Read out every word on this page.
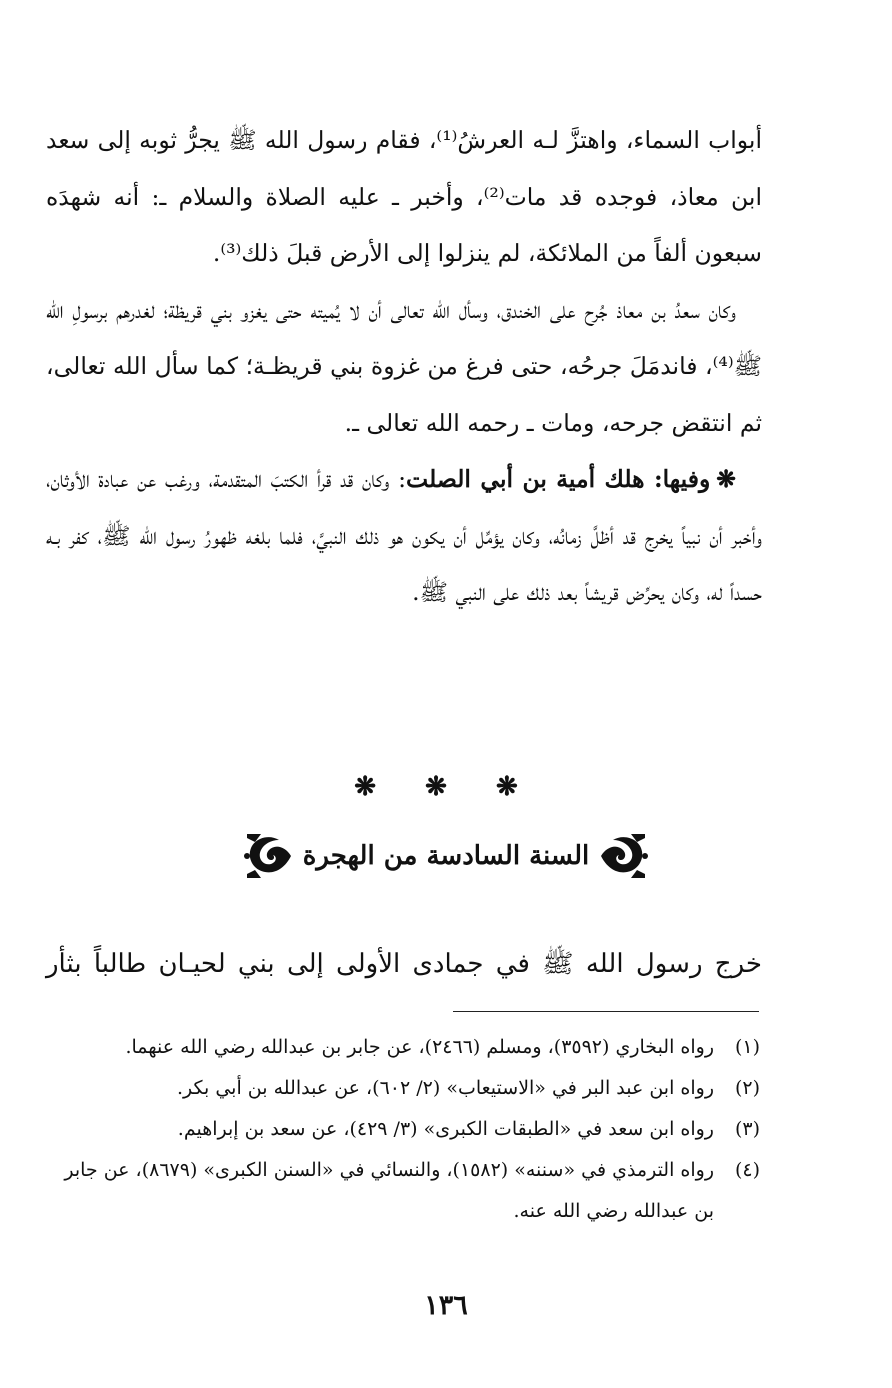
أبواب السماء، واهتزَّ لـه العرشُ⁽¹⁾، فقام رسول الله ﷺ يجرُّ ثوبه إلى سعد ابن معاذ، فوجده قد مات⁽²⁾، وأخبر ـ عليه الصلاة والسلام ـ: أنه شهدَه سبعون ألفاً من الملائكة، لم ينزلوا إلى الأرض قبلَ ذلك⁽³⁾.

وكان سعدُ بن معاذ جُرح على الخندق، وسأل الله تعالى أن لا يُميته حتى يغزو بني قريظة؛ لغدرهم برسولِ الله ﷺ⁽⁴⁾، فاندمَلَ جرحُه، حتى فرغ من غزوة بني قريظـة؛ كما سأل الله تعالى، ثم انتقض جرحه، ومات ـ رحمه الله تعالى ـ.

❋وفيها: هلك أمية بن أبي الصلت: وكان قد قرأ الكتبَ المتقدمة، ورغب عن عبادة الأوثان، وأخبر أن نبياً يخرج قد أظلَّ زمانُه، وكان يؤمِّل أن يكون هو ذلك النبيَّ، فلما بلغه ظهورُ رسول الله ﷺ، كفر بـه حسداً له، وكان يحرِّض قريشاً بعد ذلك على النبي ﷺ.

❋ ❋ ❋
السنة السادسة من الهجرة

خرج رسول الله ﷺ في جمادى الأولى إلى بني لحيـان طالباً بثأر

(١)
رواه البخاري (٣٥٩٢)، ومسلم (٢٤٦٦)، عن جابر بن عبدالله رضي الله عنهما.
(٢)
رواه ابن عبد البر في «الاستيعاب» (٢/ ٦٠٢)، عن عبدالله بن أبي بكر.
(٣)
رواه ابن سعد في «الطبقات الكبرى» (٣/ ٤٢٩)، عن سعد بن إبراهيم.
(٤)
رواه الترمذي في «سننه» (١٥٨٢)، والنسائي في «السنن الكبرى» (٨٦٧٩)، عن جابر بن عبدالله رضي الله عنه.
١٣٦
